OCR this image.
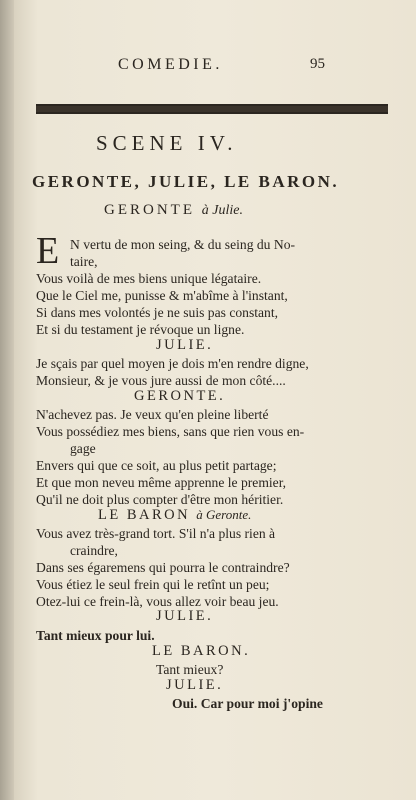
COMEDIE.	95
SCENE IV.
GERONTE, JULIE, LE BARON.
GERONTE à Julie.
E N vertu de mon seing, & du seing du No-
taire,
Vous voilà de mes biens unique légataire.
Que le Ciel me, punisse & m'abîme à l'instant,
Si dans mes volontés je ne suis pas constant,
Et si du testament je révoque un ligne.
JULIE.
Je sçais par quel moyen je dois m'en rendre digne,
Monsieur, & je vous jure aussi de mon côté....
GERONTE.
N'achevez pas. Je veux qu'en pleine liberté
Vous possédiez mes biens, sans que rien vous en-
gage
Envers qui que ce soit, au plus petit partage;
Et que mon neveu même apprenne le premier,
Qu'il ne doit plus compter d'être mon héritier.
LE BARON à Geronte.
Vous avez très-grand tort. S'il n'a plus rien à
craindre,
Dans ses égaremens qui pourra le contraindre?
Vous étiez le seul frein qui le retînt un peu;
Otez-lui ce frein-là, vous allez voir beau jeu.
JULIE.
Tant mieux pour lui.
LE BARON.
Tant mieux?
JULIE.
Oui. Car pour moi j'opine
